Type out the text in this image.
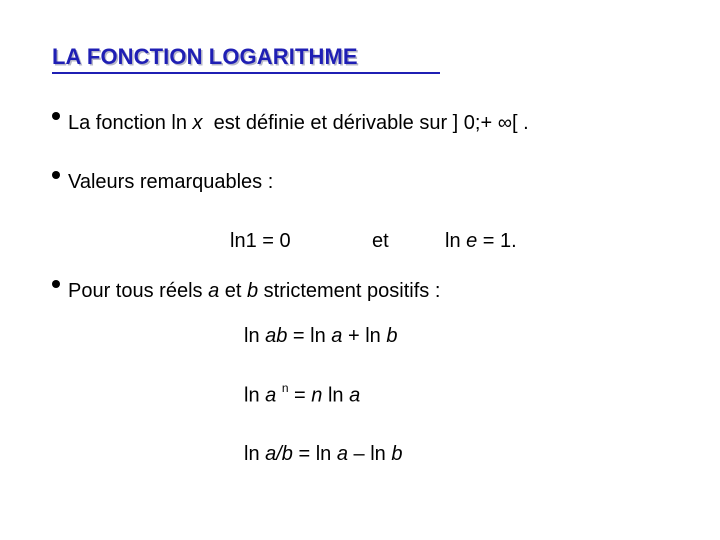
LA FONCTION LOGARITHME
La fonction ln x est définie et dérivable sur ] 0;+ ∞[ .
Valeurs remarquables :
ln1 = 0	et	ln e = 1.
Pour tous réels a et b strictement positifs :
ln ab = ln a + ln b
ln a $^n$ = n ln a
ln a/b = ln a – ln b
